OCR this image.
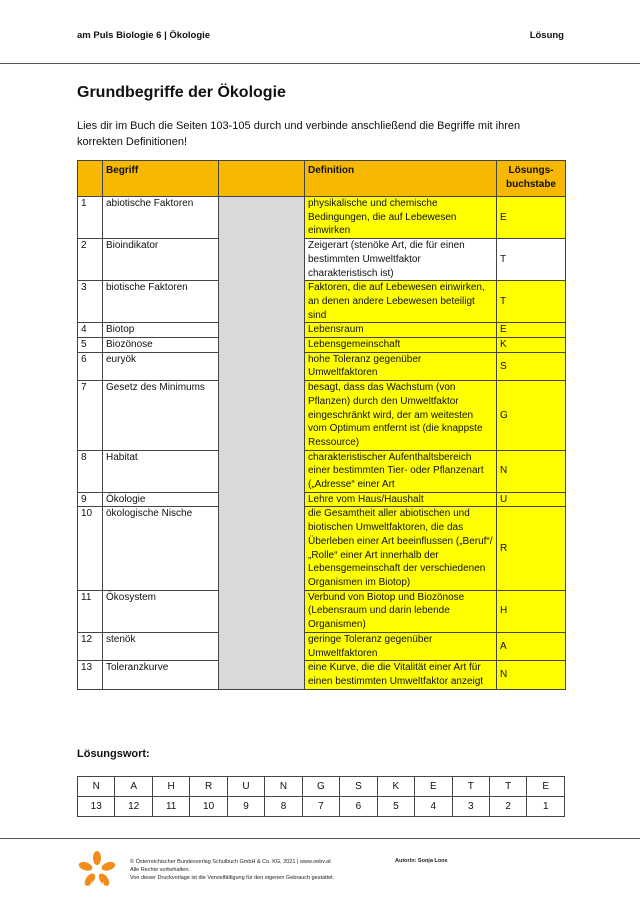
am Puls Biologie 6 | Ökologie	Lösung
Grundbegriffe der Ökologie
Lies dir im Buch die Seiten 103-105 durch und verbinde anschließend die Begriffe mit ihren korrekten Definitionen!
	Begriff		Definition	Lösungs-
buchstabe
1	abiotische Faktoren		physikalische und chemische Bedingungen, die auf Lebewesen einwirken	E
2	Bioindikator		Zeigerart (stenöke Art, die für einen bestimmten Umweltfaktor charakteristisch ist)	T
3	biotische Faktoren		Faktoren, die auf Lebewesen einwirken, an denen andere Lebewesen beteiligt sind	T
4	Biotop		Lebensraum	E
5	Biozönose		Lebensgemeinschaft	K
6	euryök		hohe Toleranz gegenüber Umweltfaktoren	S
7	Gesetz des Minimums		besagt, dass das Wachstum (von Pflanzen) durch den Umweltfaktor eingeschränkt wird, der am weitesten vom Optimum entfernt ist (die knappste Ressource)	G
8	Habitat		charakteristischer Aufenthaltsbereich einer bestimmten Tier- oder Pflanzenart („Adresse“ einer Art	N
9	Ökologie		Lehre vom Haus/Haushalt	U
10	ökologische Nische		die Gesamtheit aller abiotischen und biotischen Umweltfaktoren, die das Überleben einer Art beeinflussen („Beruf“/ „Rolle“ einer Art innerhalb der Lebensgemeinschaft der verschiedenen Organismen im Biotop)	R
11	Ökosystem		Verbund von Biotop und Biozönose (Lebensraum und darin lebende Organismen)	H
12	stenök		geringe Toleranz gegenüber Umweltfaktoren	A
13	Toleranzkurve		eine Kurve, die die Vitalität einer Art für einen bestimmten Umweltfaktor anzeigt	N
Lösungswort:
N	A	H	R	U	N	G	S	K	E	T	T	E
13	12	11	10	9	8	7	6	5	4	3	2	1
öbv
© Österreichischer Bundesverlag Schulbuch GmbH & Co. KG, 2021 | www.oebv.at
Alle Rechte vorbehalten.
Von dieser Druckvorlage ist die Vervielfältigung für den eigenen Gebrauch gestattet.
Autorin: Sonja Loos
